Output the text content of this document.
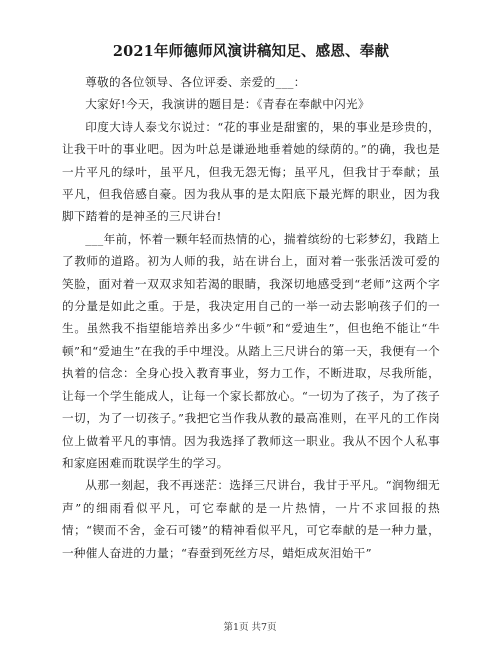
2021年师德师风演讲稿知足、感恩、奉献

尊敬的各位领导、各位评委、亲爱的___：

大家好!今天，我演讲的题目是：《青春在奉献中闪光》

印度大诗人泰戈尔说过：“花的事业是甜蜜的，果的事业是珍贵的，让我干叶的事业吧。因为叶总是谦逊地垂着她的绿荫的。”的确，我也是一片平凡的绿叶，虽平凡，但我无怨无悔；虽平凡，但我甘于奉献；虽平凡，但我倍感自豪。因为我从事的是太阳底下最光辉的职业，因为我脚下踏着的是神圣的三尺讲台!

___年前，怀着一颗年轻而热情的心，揣着缤纷的七彩梦幻，我踏上了教师的道路。初为人师的我，站在讲台上，面对着一张张活泼可爱的笑脸，面对着一双双求知若渴的眼睛，我深切地感受到“老师”这两个字的分量是如此之重。于是，我决定用自己的一举一动去影响孩子们的一生。虽然我不指望能培养出多少“牛顿”和“爱迪生”，但也绝不能让“牛顿”和“爱迪生”在我的手中埋没。从踏上三尺讲台的第一天，我便有一个执着的信念：全身心投入教育事业，努力工作，不断进取，尽我所能，让每一个学生能成人，让每一个家长都放心。“一切为了孩子，为了孩子一切，为了一切孩子。”我把它当作我从教的最高准则，在平凡的工作岗位上做着平凡的事情。因为我选择了教师这一职业。我从不因个人私事和家庭困难而耽误学生的学习。

从那一刻起，我不再迷茫：选择三尺讲台，我甘于平凡。“润物细无声”的细雨看似平凡，可它奉献的是一片热情，一片不求回报的热情；“锲而不舍，金石可镂”的精神看似平凡，可它奉献的是一种力量，一种催人奋进的力量；“春蚕到死丝方尽，蜡炬成灰泪始干”

第1页 共7页
